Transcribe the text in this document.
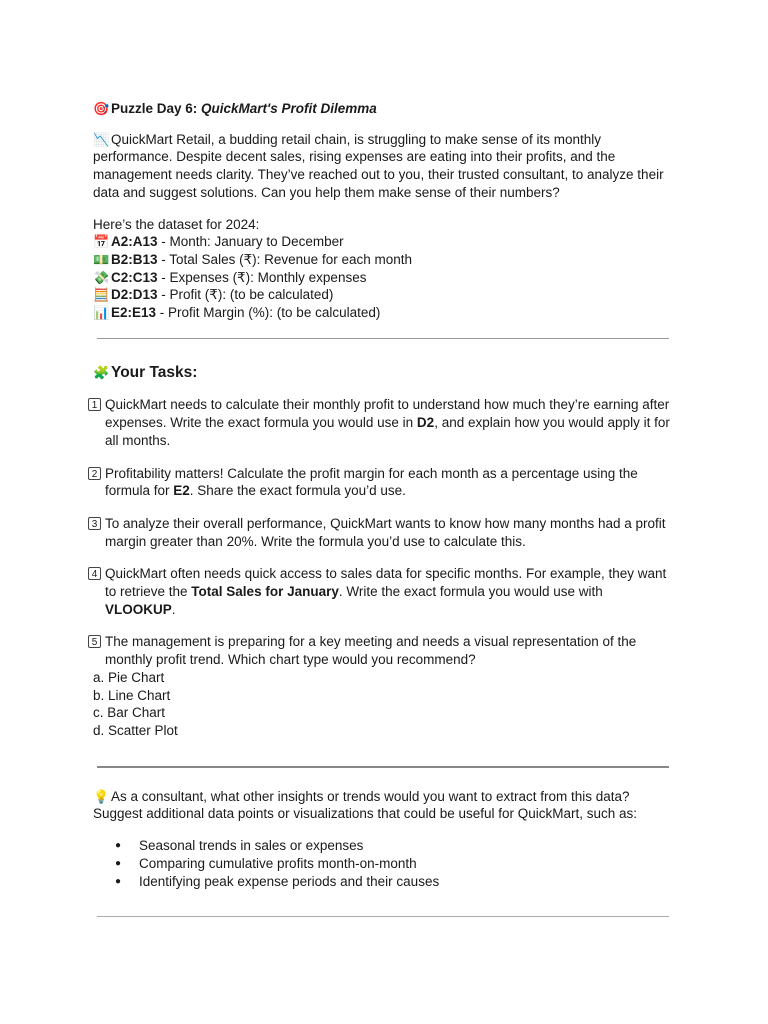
🎯 Puzzle Day 6: QuickMart's Profit Dilemma

📉 QuickMart Retail, a budding retail chain, is struggling to make sense of its monthly performance. Despite decent sales, rising expenses are eating into their profits, and the management needs clarity. They’ve reached out to you, their trusted consultant, to analyze their data and suggest solutions. Can you help them make sense of their numbers?

Here’s the dataset for 2024:
📅 A2:A13 - Month: January to December
💵 B2:B13 - Total Sales (₹): Revenue for each month
💸 C2:C13 - Expenses (₹): Monthly expenses
🧮 D2:D13 - Profit (₹): (to be calculated)
📊 E2:E13 - Profit Margin (%): (to be calculated)

🧩 Your Tasks:

1 QuickMart needs to calculate their monthly profit to understand how much they’re earning after expenses. Write the exact formula you would use in D2, and explain how you would apply it for all months.

2 Profitability matters! Calculate the profit margin for each month as a percentage using the formula for E2. Share the exact formula you’d use.

3 To analyze their overall performance, QuickMart wants to know how many months had a profit margin greater than 20%. Write the formula you’d use to calculate this.

4 QuickMart often needs quick access to sales data for specific months. For example, they want to retrieve the Total Sales for January. Write the exact formula you would use with VLOOKUP.

5 The management is preparing for a key meeting and needs a visual representation of the monthly profit trend. Which chart type would you recommend?

a. Pie Chart
b. Line Chart
c. Bar Chart
d. Scatter Plot

💡 As a consultant, what other insights or trends would you want to extract from this data? Suggest additional data points or visualizations that could be useful for QuickMart, such as:

● Seasonal trends in sales or expenses
● Comparing cumulative profits month-on-month
● Identifying peak expense periods and their causes
